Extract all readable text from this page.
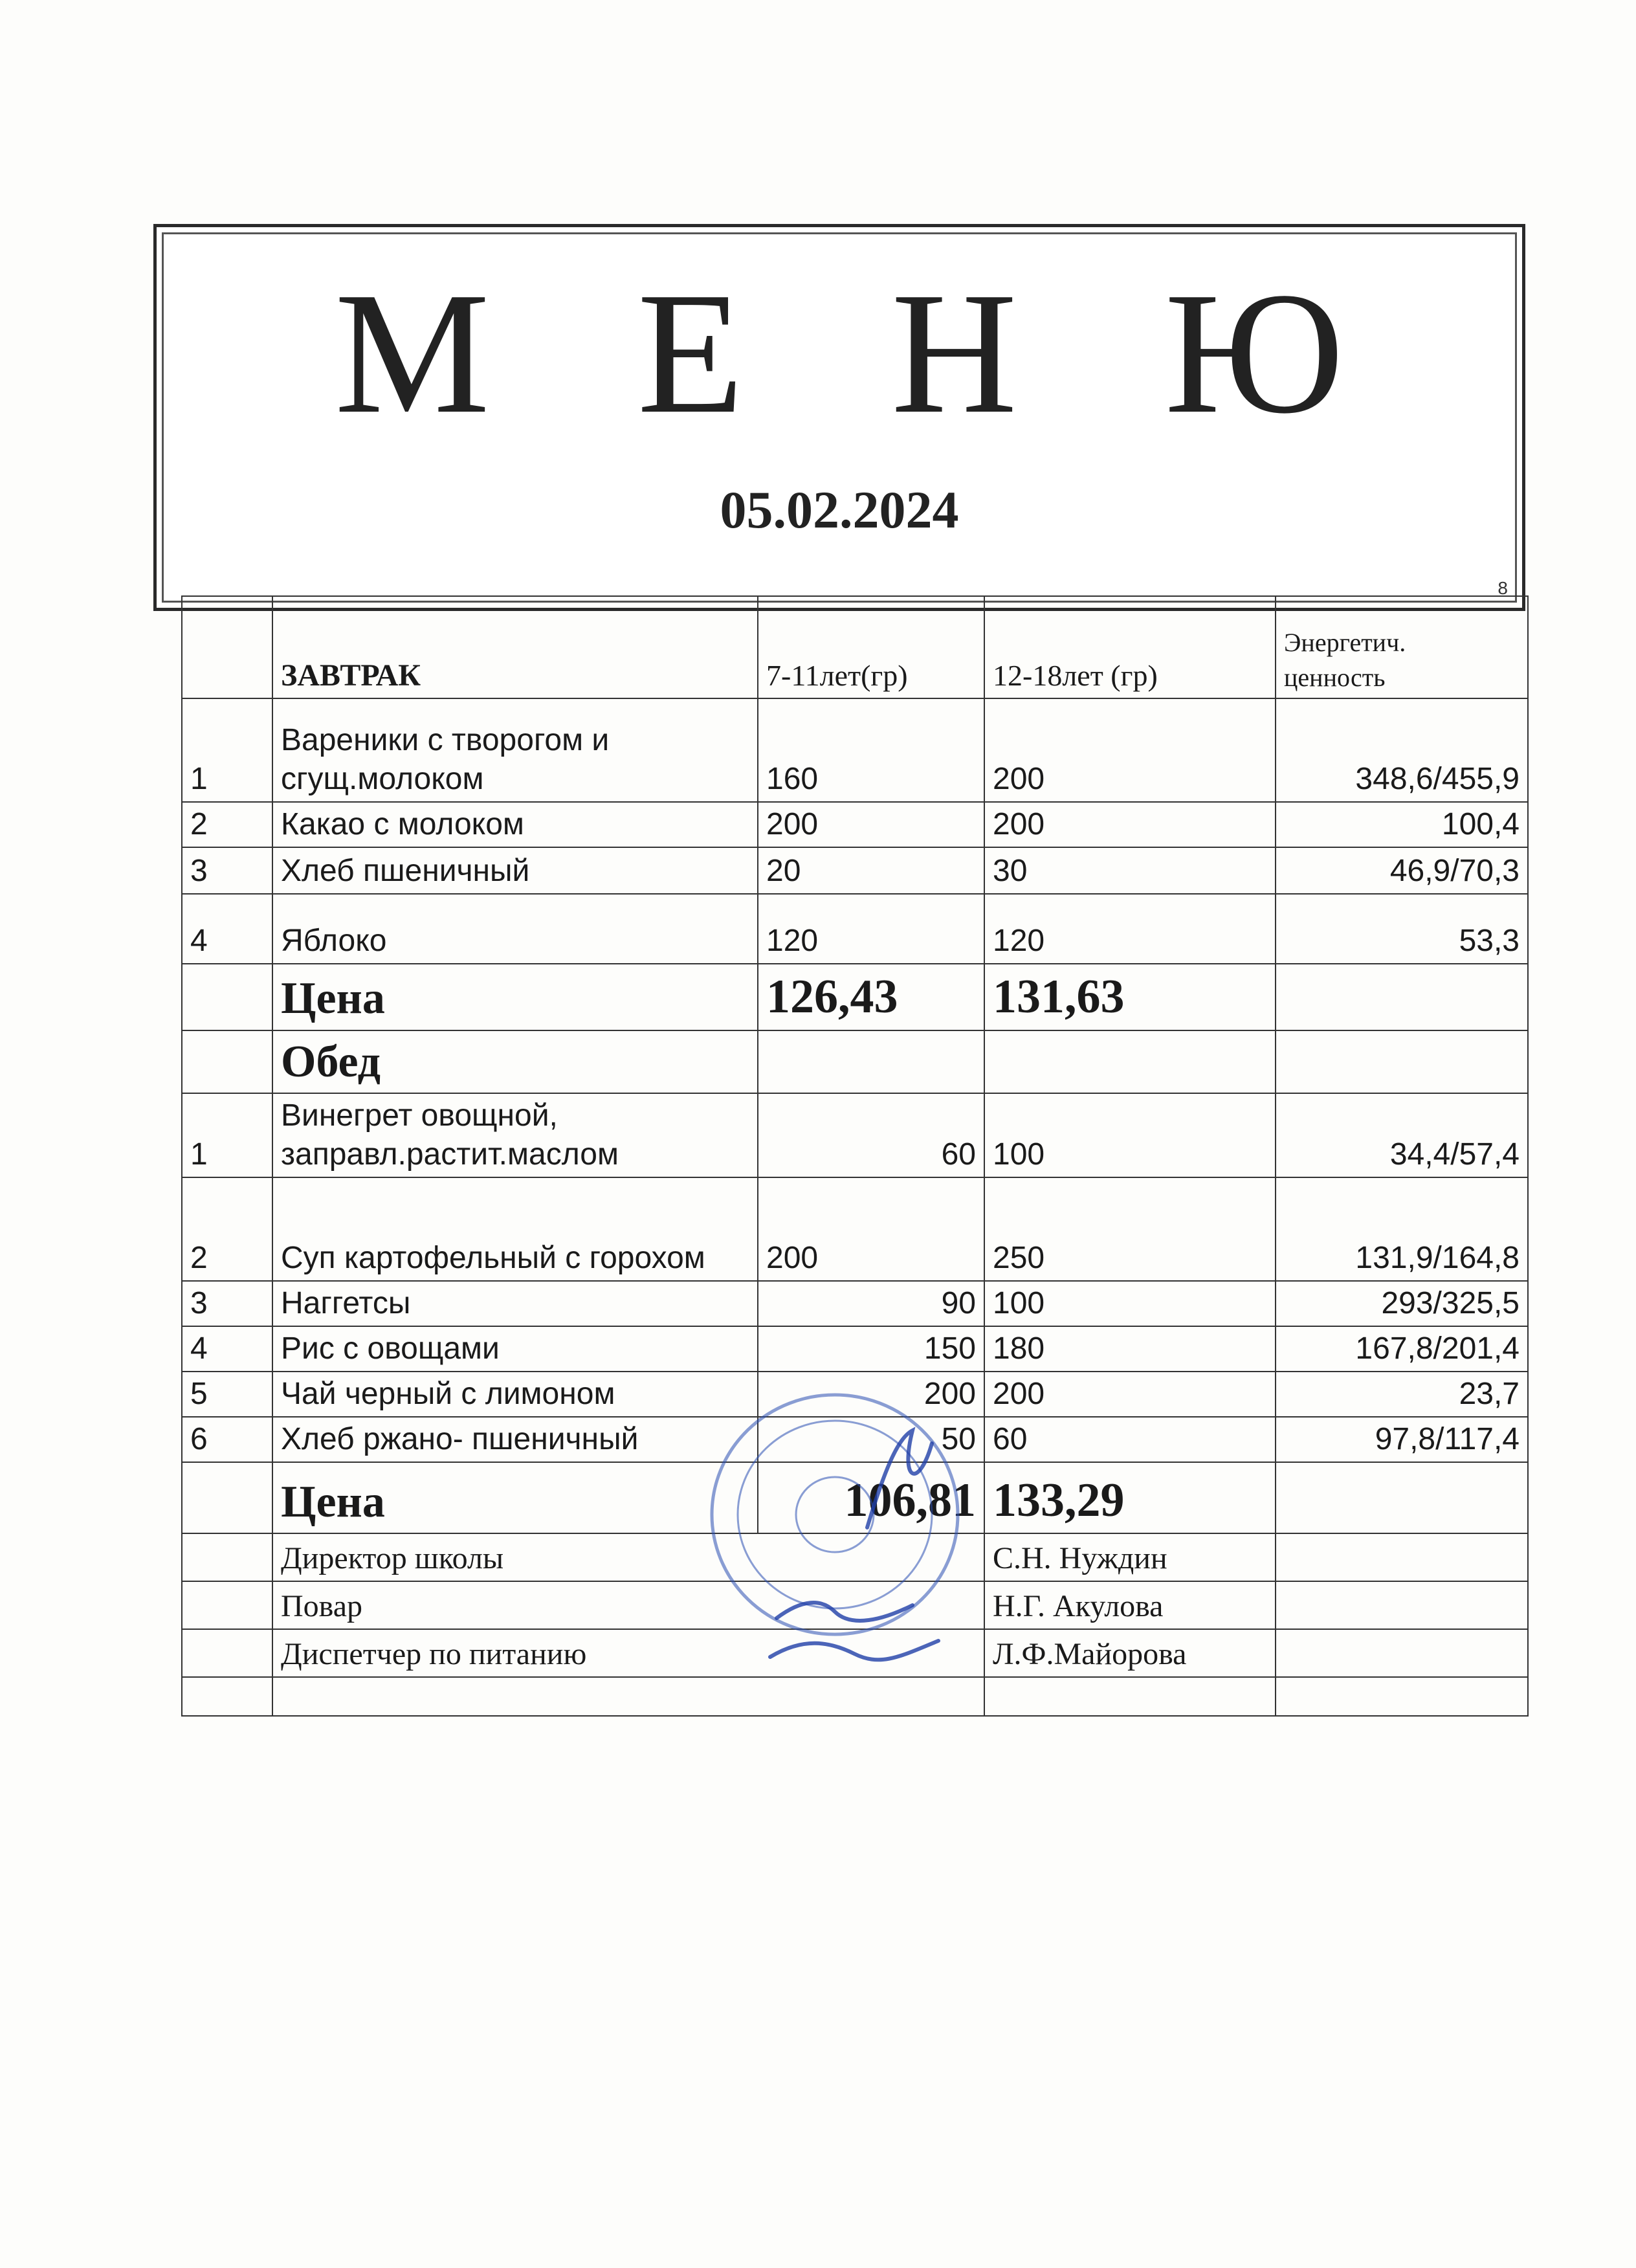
М Е Н Ю
05.02.2024
8
	ЗАВТРАК	7-11лет(гр)	12-18лет (гр)	Энергетич.
ценность

1	Вареники с творогом и сгущ.молоком	160	200	348,6/455,9
2	Какао с молоком	200	200	100,4
3	Хлеб пшеничный	20	30	46,9/70,3
4	Яблоко	120	120	53,3
	Цена	126,43	131,63	
	Обед			
1	Винегрет овощной, заправл.растит.маслом	60	100	34,4/57,4
2	Суп картофельный с горохом	200	250	131,9/164,8
3	Наггетсы	90	100	293/325,5
4	Рис с овощами	150	180	167,8/201,4
5	Чай черный с лимоном	200	200	23,7
6	Хлеб ржано- пшеничный	50	60	97,8/117,4
	Цена	106,81	133,29	
	Директор школы		С.Н. Нуждин	
	Повар		Н.Г. Акулова	
	Диспетчер по питанию		Л.Ф.Майорова	
